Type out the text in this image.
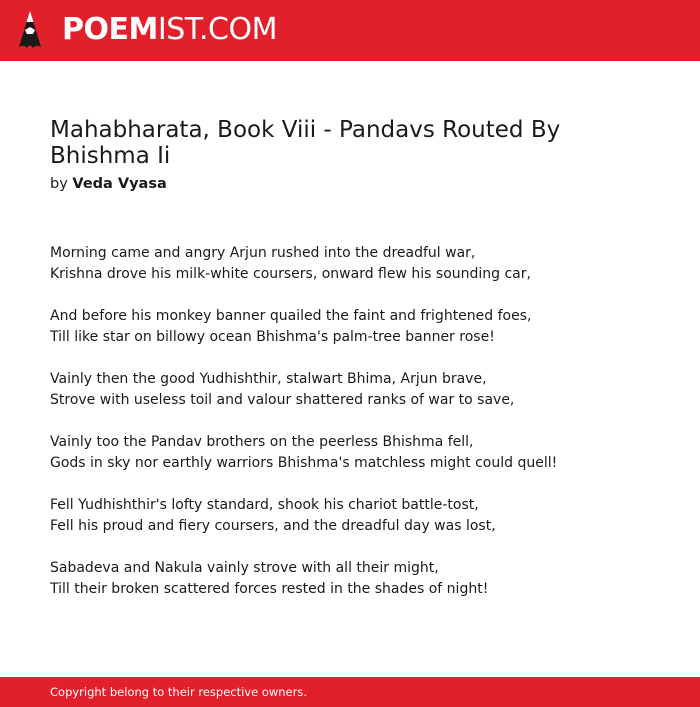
POEMIST.COM
Mahabharata, Book Viii - Pandavs Routed By Bhishma Ii
by Veda Vyasa
Morning came and angry Arjun rushed into the dreadful war,
Krishna drove his milk-white coursers, onward flew his sounding car,
And before his monkey banner quailed the faint and frightened foes,
Till like star on billowy ocean Bhishma's palm-tree banner rose!
Vainly then the good Yudhishthir, stalwart Bhima, Arjun brave,
Strove with useless toil and valour shattered ranks of war to save,
Vainly too the Pandav brothers on the peerless Bhishma fell,
Gods in sky nor earthly warriors Bhishma's matchless might could quell!
Fell Yudhishthir's lofty standard, shook his chariot battle-tost,
Fell his proud and fiery coursers, and the dreadful day was lost,
Sabadeva and Nakula vainly strove with all their might,
Till their broken scattered forces rested in the shades of night!
Copyright belong to their respective owners.
